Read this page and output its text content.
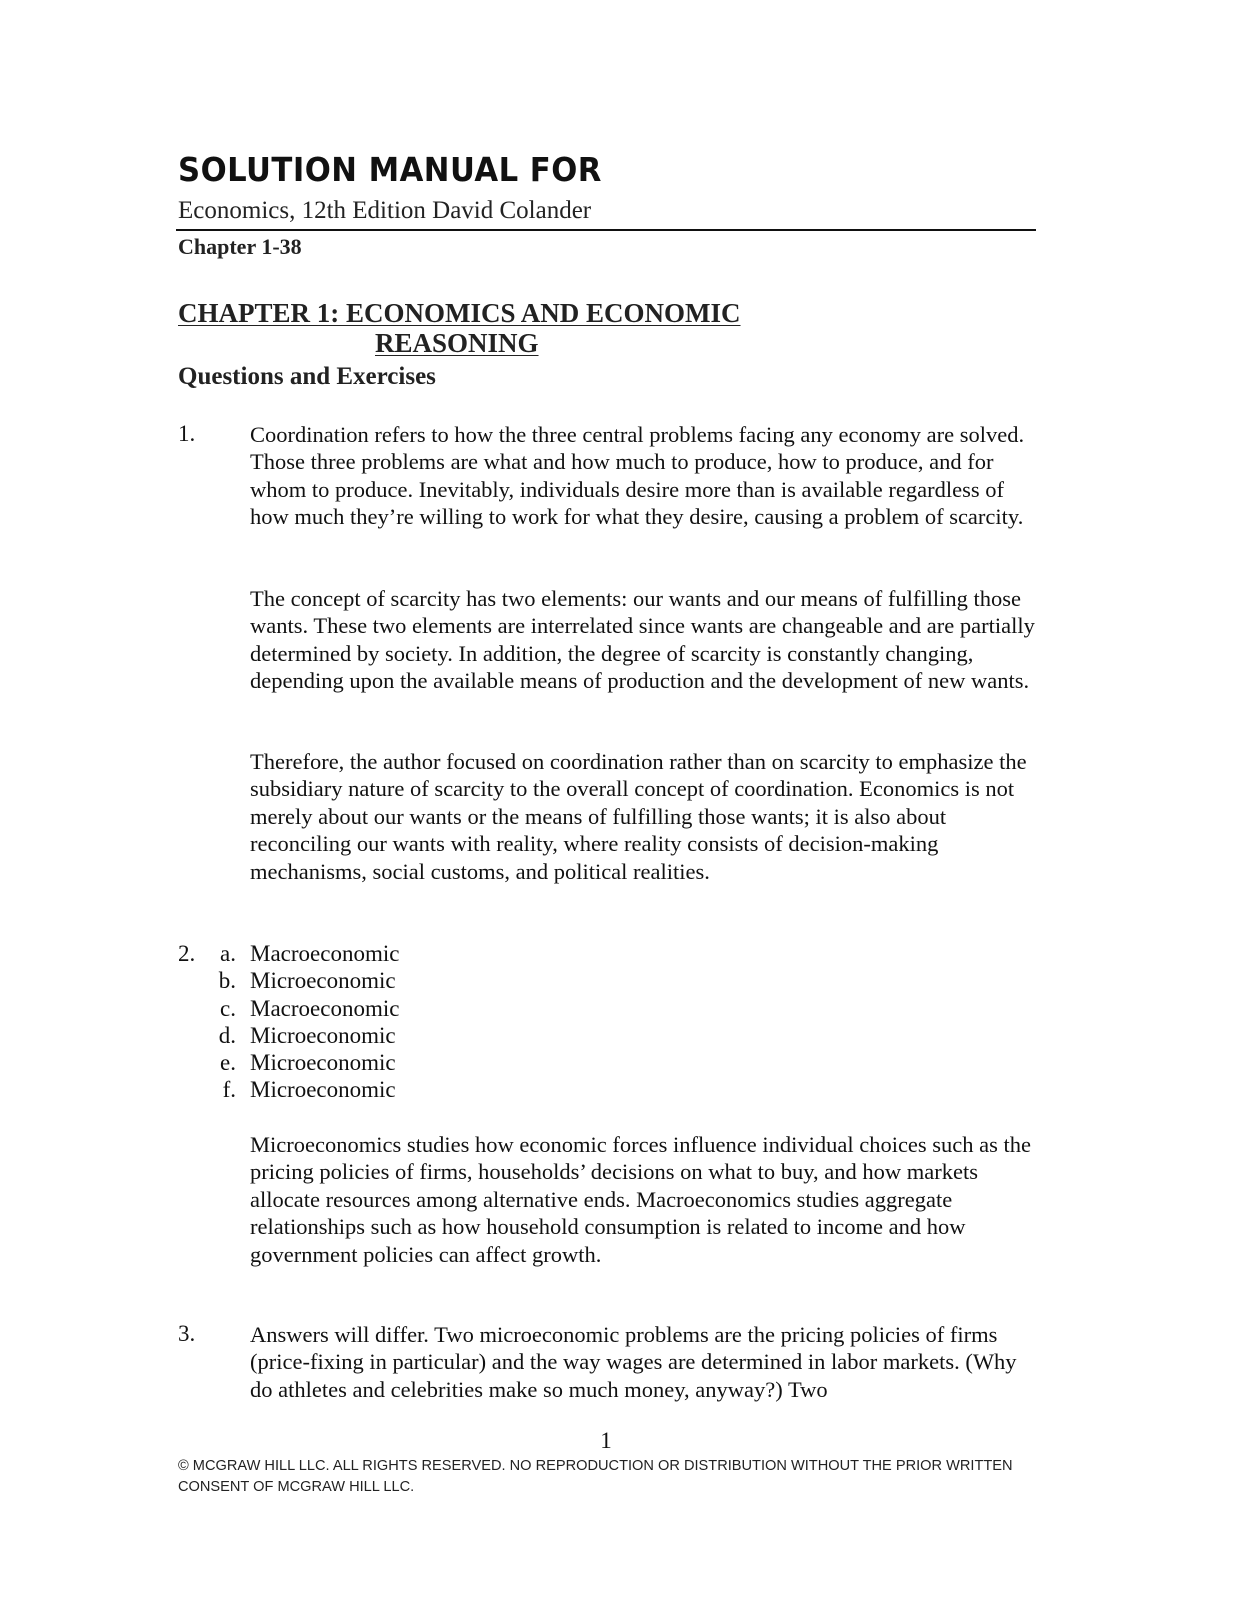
SOLUTION MANUAL FOR
Economics, 12th Edition David Colander
Chapter 1-38
CHAPTER 1: ECONOMICS AND ECONOMIC
REASONING
Questions and Exercises
1. Coordination refers to how the three central problems facing any economy are solved. Those three problems are what and how much to produce, how to produce, and for whom to produce. Inevitably, individuals desire more than is available regardless of how much they’re willing to work for what they desire, causing a problem of scarcity.
The concept of scarcity has two elements: our wants and our means of fulfilling those wants. These two elements are interrelated since wants are changeable and are partially determined by society. In addition, the degree of scarcity is constantly changing, depending upon the available means of production and the development of new wants.
Therefore, the author focused on coordination rather than on scarcity to emphasize the subsidiary nature of scarcity to the overall concept of coordination. Economics is not merely about our wants or the means of fulfilling those wants; it is also about reconciling our wants with reality, where reality consists of decision-making mechanisms, social customs, and political realities.
2.	a. Macroeconomic
b. Microeconomic
c. Macroeconomic
d. Microeconomic
e. Microeconomic
f. Microeconomic
Microeconomics studies how economic forces influence individual choices such as the pricing policies of firms, households’ decisions on what to buy, and how markets allocate resources among alternative ends. Macroeconomics studies aggregate relationships such as how household consumption is related to income and how government policies can affect growth.
3. Answers will differ. Two microeconomic problems are the pricing policies of firms (price-fixing in particular) and the way wages are determined in labor markets. (Why do athletes and celebrities make so much money, anyway?) Two
1
© MCGRAW HILL LLC. ALL RIGHTS RESERVED. NO REPRODUCTION OR DISTRIBUTION WITHOUT THE PRIOR WRITTEN CONSENT OF MCGRAW HILL LLC.
